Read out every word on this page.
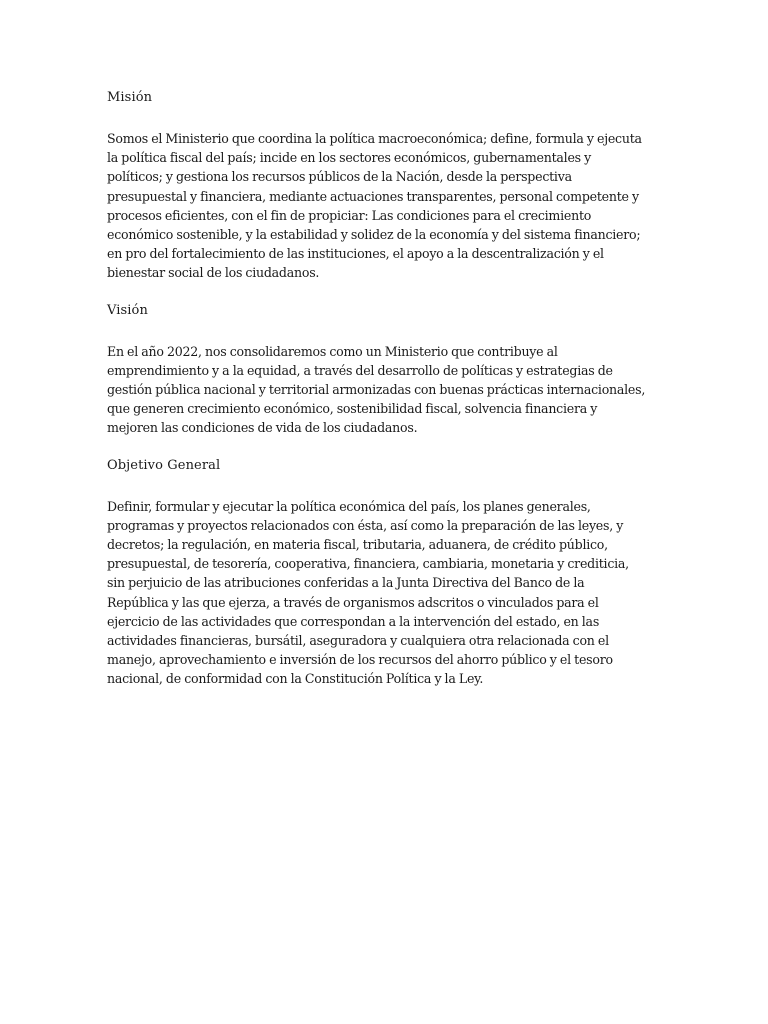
Misión

Somos el Ministerio que coordina la política macroeconómica; define, formula y ejecuta la política fiscal del país; incide en los sectores económicos, gubernamentales y políticos; y gestiona los recursos públicos de la Nación, desde la perspectiva presupuestal y financiera, mediante actuaciones transparentes, personal competente y procesos eficientes, con el fin de propiciar: Las condiciones para el crecimiento económico sostenible, y la estabilidad y solidez de la economía y del sistema financiero; en pro del fortalecimiento de las instituciones, el apoyo a la descentralización y el bienestar social de los ciudadanos.

Visión

En el año 2022, nos consolidaremos como un Ministerio que contribuye al emprendimiento y a la equidad, a través del desarrollo de políticas y estrategias de gestión pública nacional y territorial armonizadas con buenas prácticas internacionales, que generen crecimiento económico, sostenibilidad fiscal, solvencia financiera y mejoren las condiciones de vida de los ciudadanos.

Objetivo General

Definir, formular y ejecutar la política económica del país, los planes generales, programas y proyectos relacionados con ésta, así como la preparación de las leyes, y decretos; la regulación, en materia fiscal, tributaria, aduanera, de crédito público, presupuestal, de tesorería, cooperativa, financiera, cambiaria, monetaria y crediticia, sin perjuicio de las atribuciones conferidas a la Junta Directiva del Banco de la República y las que ejerza, a través de organismos adscritos o vinculados para el ejercicio de las actividades que correspondan a la intervención del estado, en las actividades financieras, bursátil, aseguradora y cualquiera otra relacionada con el manejo, aprovechamiento e inversión de los recursos del ahorro público y el tesoro nacional, de conformidad con la Constitución Política y la Ley.
